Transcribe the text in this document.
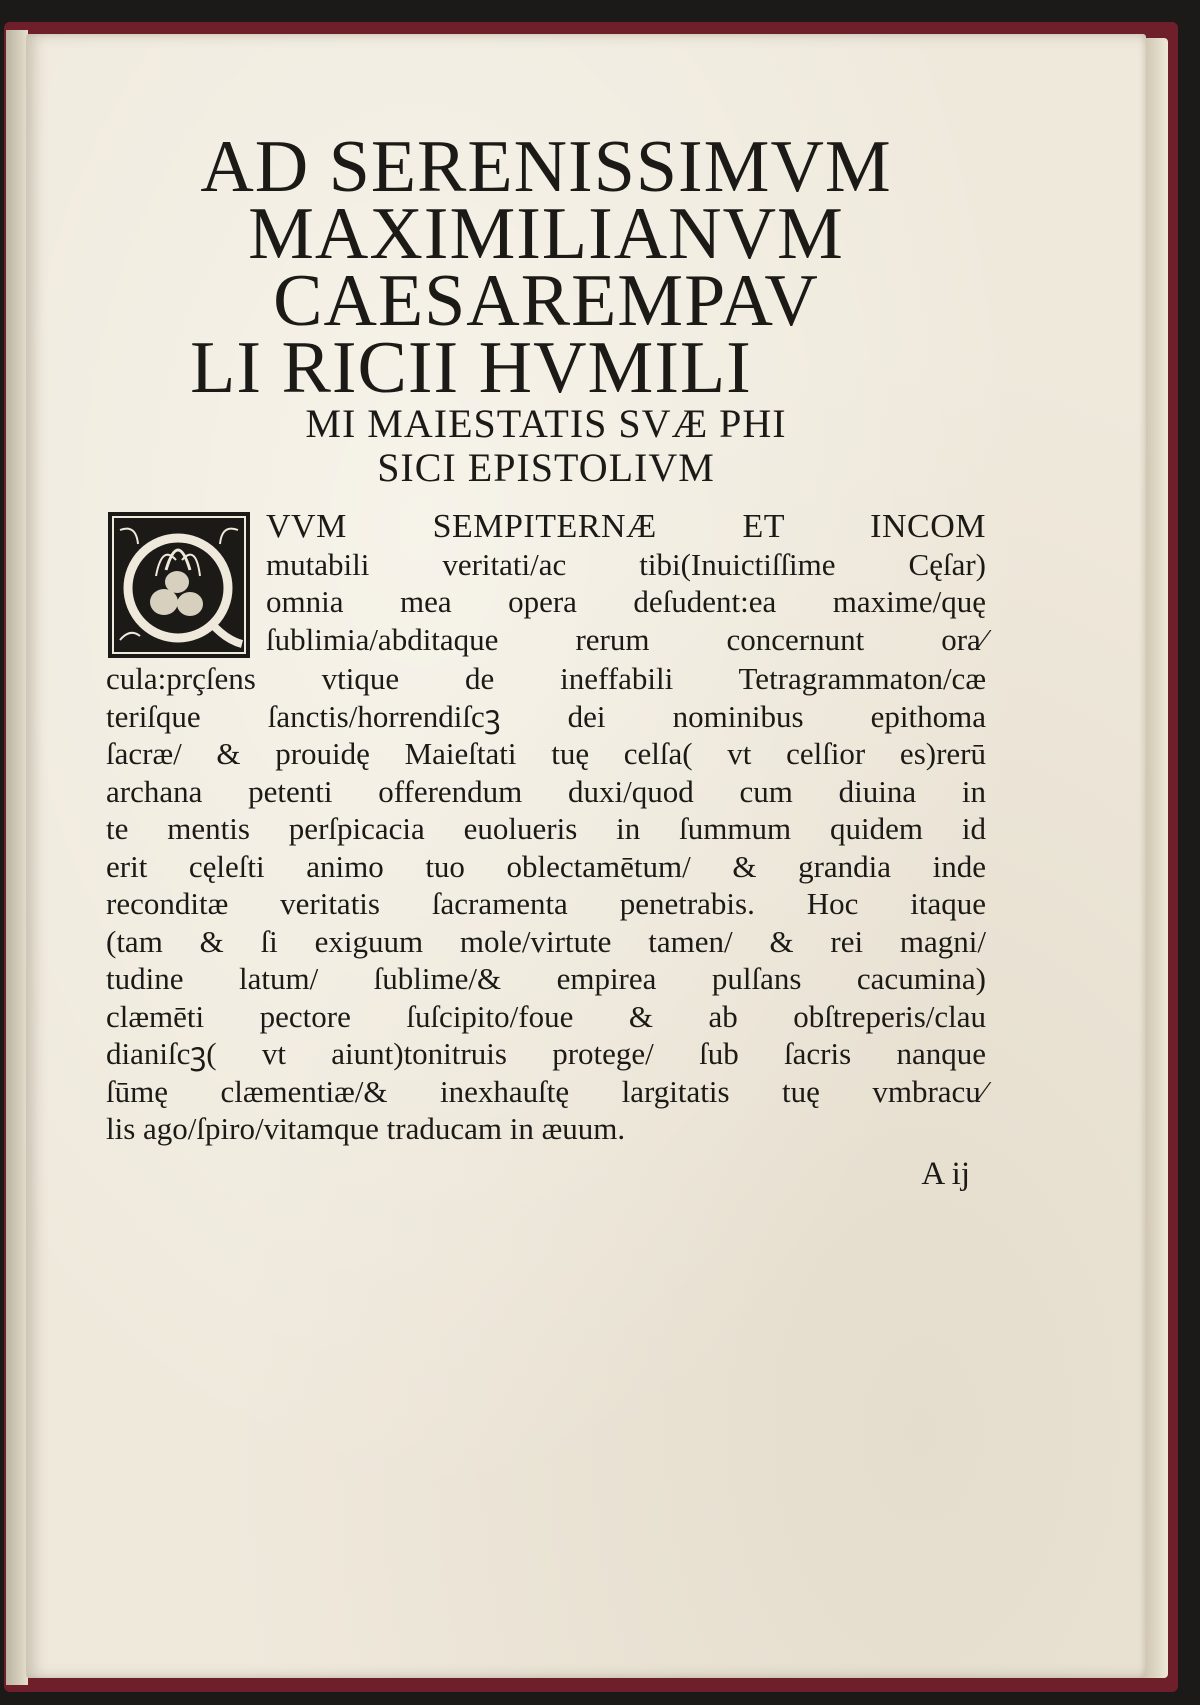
AD SERENISSIMVM
MAXIMILIANVM
CAESAREMPAV
LI RICII HVMILI
MI MAIESTATIS SVÆ PHI
SICI EPISTOLIVM
VVM SEMPITERNÆ ET INCOM
mutabili veritati/ac tibi(Inuictiſſime Cęſar)
omnia mea opera deſudent:ea maxime/quę
ſublimia/abditaque rerum concernunt ora⁄
cula:prçſens vtique de ineffabili Tetragrammaton/cæ
teriſque ſanctis/horrendiſcꝫ dei nominibus epithoma
ſacræ/ & prouidę Maieſtati tuę celſa( vt celſior es)rerū
archana petenti offerendum duxi/quod cum diuina in
te mentis perſpicacia euolueris in ſummum quidem id
erit cęleſti animo tuo oblectamētum/ & grandia inde
reconditæ veritatis ſacramenta penetrabis. Hoc itaque
(tam & ſi exiguum mole/virtute tamen/ & rei magni/
tudine latum/ ſublime/& empirea pulſans cacumina)
clæmēti pectore ſuſcipito/foue & ab obſtreperis/clau
dianiſcꝫ( vt aiunt)tonitruis protege/ ſub ſacris nanque
ſūmę clæmentiæ/& inexhauſtę largitatis tuę vmbracu⁄
lis ago/ſpiro/vitamque traducam in æuum.
A ij
